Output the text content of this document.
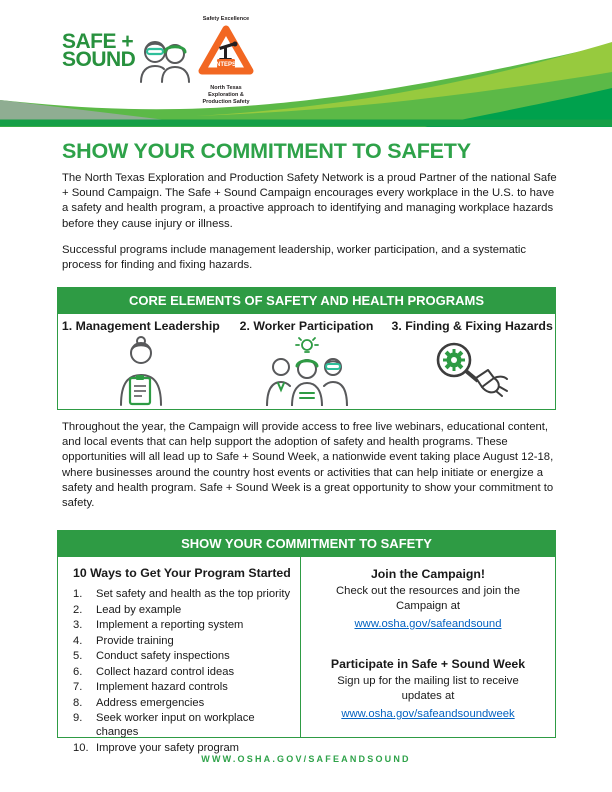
SAFE +
SOUND
Safety Excellence
NTEPS
North Texas
Exploration & Production Safety
SHOW YOUR COMMITMENT TO SAFETY

The North Texas Exploration and Production Safety Network is a proud Partner of the national Safe + Sound Campaign. The Safe + Sound Campaign encourages every workplace in the U.S. to have a safety and health program, a proactive approach to identifying and managing workplace hazards before they cause injury or illness.

Successful programs include management leadership, worker participation, and a systematic process for finding and fixing hazards.

CORE ELEMENTS OF SAFETY AND HEALTH PROGRAMS
1. Management Leadership	2. Worker Participation	3. Finding & Fixing Hazards

Throughout the year, the Campaign will provide access to free live webinars, educational content, and local events that can help support the adoption of safety and health programs. These opportunities will all lead up to Safe + Sound Week, a nationwide event taking place August 12-18, where businesses around the country host events or activities that can help initiate or energize a safety and health program. Safe + Sound Week is a great opportunity to show your commitment to safety.

SHOW YOUR COMMITMENT TO SAFETY
10 Ways to Get Your Program Started
1.	Set safety and health as the top priority
2.	Lead by example
3.	Implement a reporting system
4.	Provide training
5.	Conduct safety inspections
6.	Collect hazard control ideas
7.	Implement hazard controls
8.	Address emergencies
9.	Seek worker input on workplace changes
10. Improve your safety program
Join the Campaign!
Check out the resources and join the Campaign at
www.osha.gov/safeandsound
Participate in Safe + Sound Week
Sign up for the mailing list to receive updates at
www.osha.gov/safeandsoundweek
WWW.OSHA.GOV/SAFEANDSOUND
